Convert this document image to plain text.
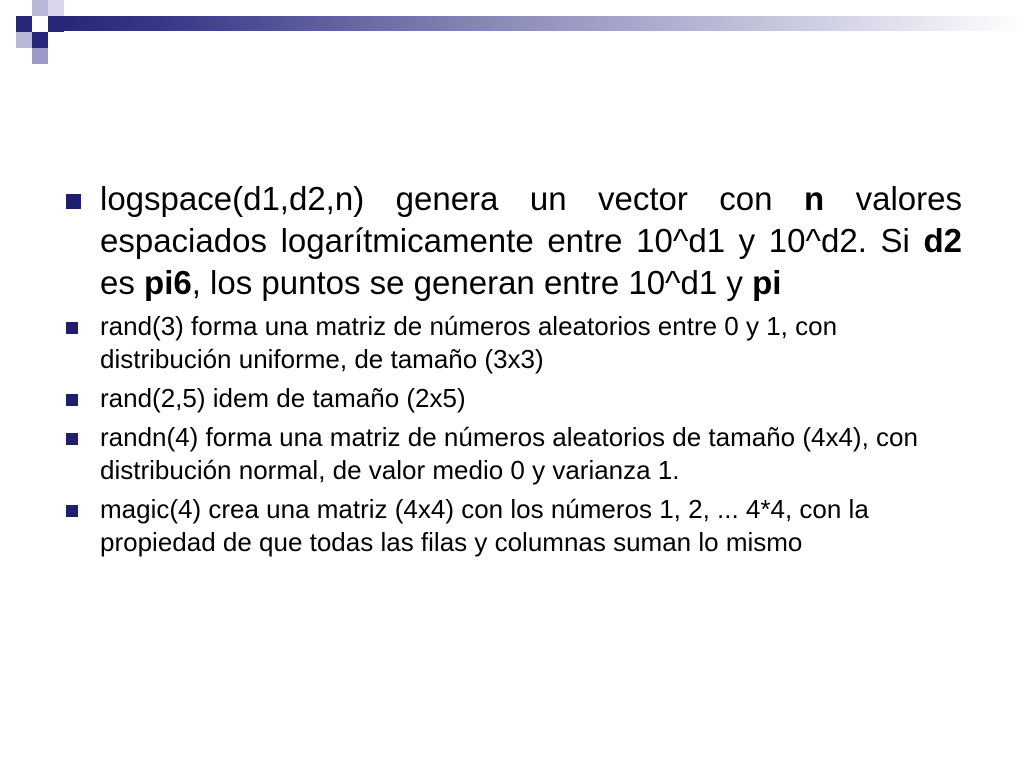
logspace(d1,d2,n) genera un vector con n valores espaciados logarítmicamente entre 10^d1 y 10^d2. Si d2 es pi6, los puntos se generan entre 10^d1 y pi
rand(3) forma una matriz de números aleatorios entre 0 y 1, con distribución uniforme, de tamaño (3x3)
rand(2,5) idem de tamaño (2x5)
randn(4) forma una matriz de números aleatorios de tamaño (4x4), con distribución normal, de valor medio 0 y varianza 1.
magic(4) crea una matriz (4x4) con los números 1, 2, ... 4*4, con la propiedad de que todas las filas y columnas suman lo mismo
